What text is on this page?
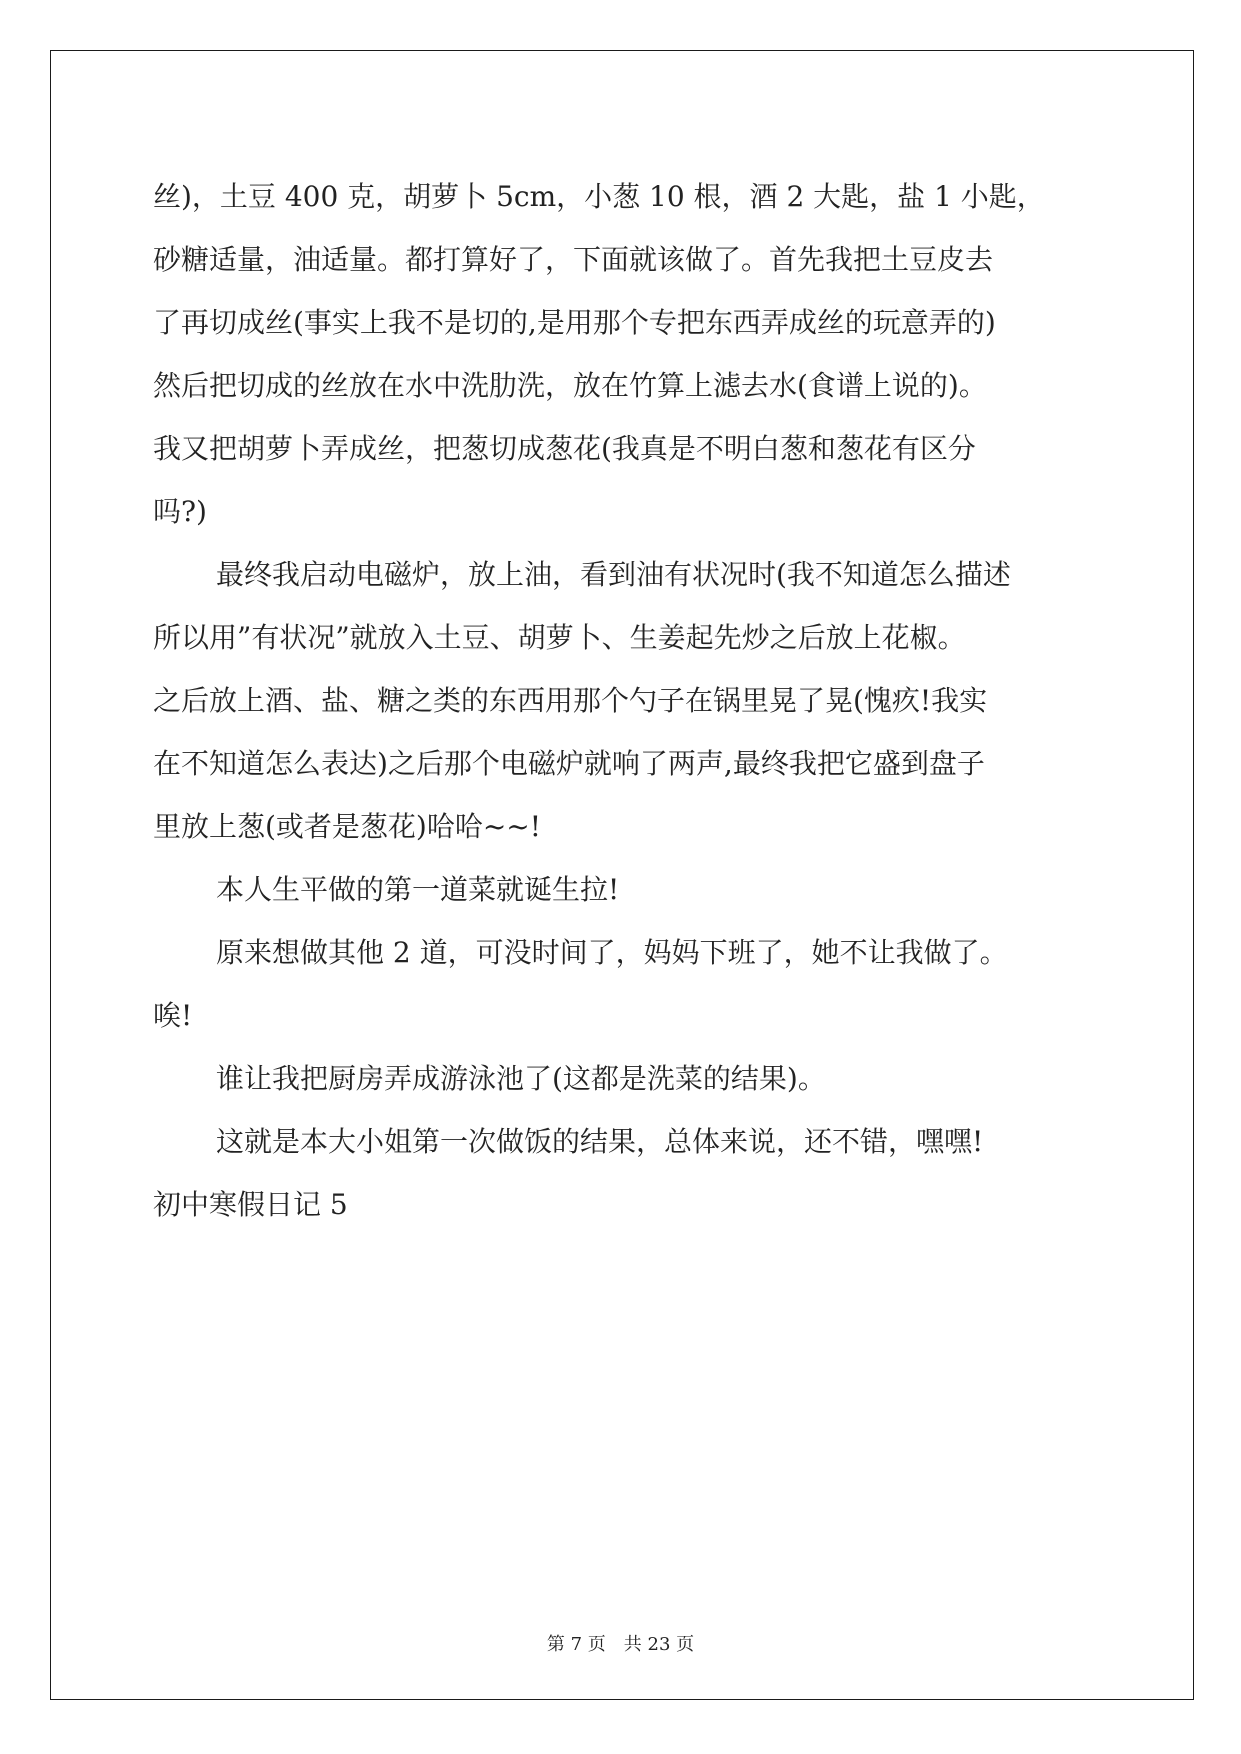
丝)，土豆 400 克，胡萝卜 5cm，小葱 10 根，酒 2 大匙，盐 1 小匙，

砂糖适量，油适量。都打算好了，下面就该做了。首先我把土豆皮去

了再切成丝(事实上我不是切的,是用那个专把东西弄成丝的玩意弄的)

然后把切成的丝放在水中洗肋洗，放在竹算上滤去水(食谱上说的)。

我又把胡萝卜弄成丝，把葱切成葱花(我真是不明白葱和葱花有区分

吗?)

最终我启动电磁炉，放上油，看到油有状况时(我不知道怎么描述

所以用”有状况”就放入土豆、胡萝卜、生姜起先炒之后放上花椒。

之后放上酒、盐、糖之类的东西用那个勺子在锅里晃了晃(愧疚!我实

在不知道怎么表达)之后那个电磁炉就响了两声,最终我把它盛到盘子

里放上葱(或者是葱花)哈哈~~!

本人生平做的第一道菜就诞生拉!

原来想做其他 2 道，可没时间了，妈妈下班了，她不让我做了。

唉!

谁让我把厨房弄成游泳池了(这都是洗菜的结果)。

这就是本大小姐第一次做饭的结果，总体来说，还不错，嘿嘿!

初中寒假日记 5

第 7 页　共 23 页
